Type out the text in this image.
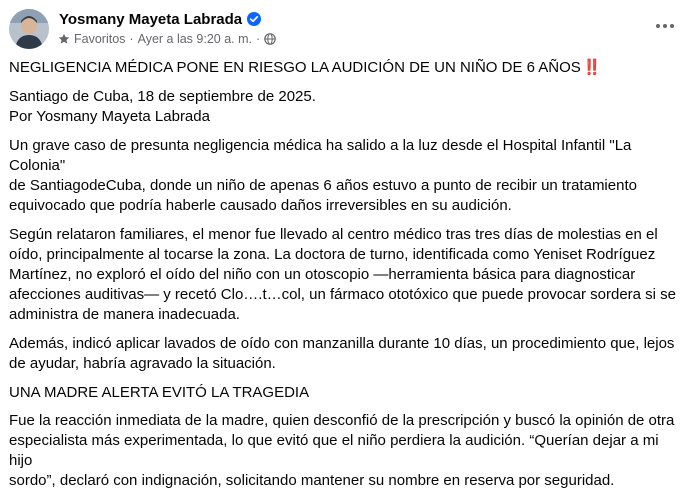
Yosmany Mayeta Labrada
Favoritos · Ayer a las 9:20 a. m. ·

NEGLIGENCIA MÉDICA PONE EN RIESGO LA AUDICIÓN DE UN NIÑO DE 6 AÑOS ‼️

Santiago de Cuba, 18 de septiembre de 2025.
Por Yosmany Mayeta Labrada

Un grave caso de presunta negligencia médica ha salido a la luz desde el Hospital Infantil "La Colonia"
de SantiagodeCuba, donde un niño de apenas 6 años estuvo a punto de recibir un tratamiento
equivocado que podría haberle causado daños irreversibles en su audición.

Según relataron familiares, el menor fue llevado al centro médico tras tres días de molestias en el
oído, principalmente al tocarse la zona. La doctora de turno, identificada como Yeniset Rodríguez
Martínez, no exploró el oído del niño con un otoscopio —herramienta básica para diagnosticar
afecciones auditivas— y recetó Clo….t…col, un fármaco ototóxico que puede provocar sordera si se
administra de manera inadecuada.

Además, indicó aplicar lavados de oído con manzanilla durante 10 días, un procedimiento que, lejos
de ayudar, habría agravado la situación.

UNA MADRE ALERTA EVITÓ LA TRAGEDIA

Fue la reacción inmediata de la madre, quien desconfió de la prescripción y buscó la opinión de otra
especialista más experimentada, lo que evitó que el niño perdiera la audición. “Querían dejar a mi hijo
sordo”, declaró con indignación, solicitando mantener su nombre en reserva por seguridad.
